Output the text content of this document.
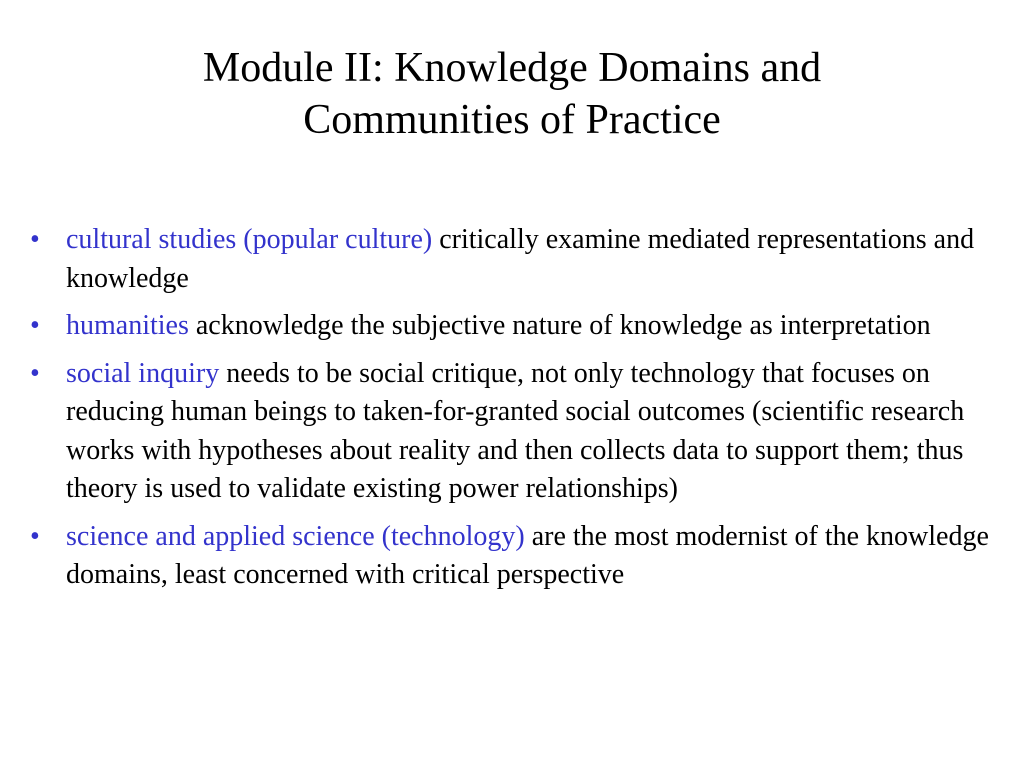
Module II: Knowledge Domains and
Communities of Practice
• cultural studies (popular culture) critically examine mediated representations and knowledge
• humanities acknowledge the subjective nature of knowledge as interpretation
• social inquiry needs to be social critique, not only technology that focuses on reducing human beings to taken-for-granted social outcomes (scientific research works with hypotheses about reality and then collects data to support them; thus theory is used to validate existing power relationships)
• science and applied science (technology) are the most modernist of the knowledge domains, least concerned with critical perspective
